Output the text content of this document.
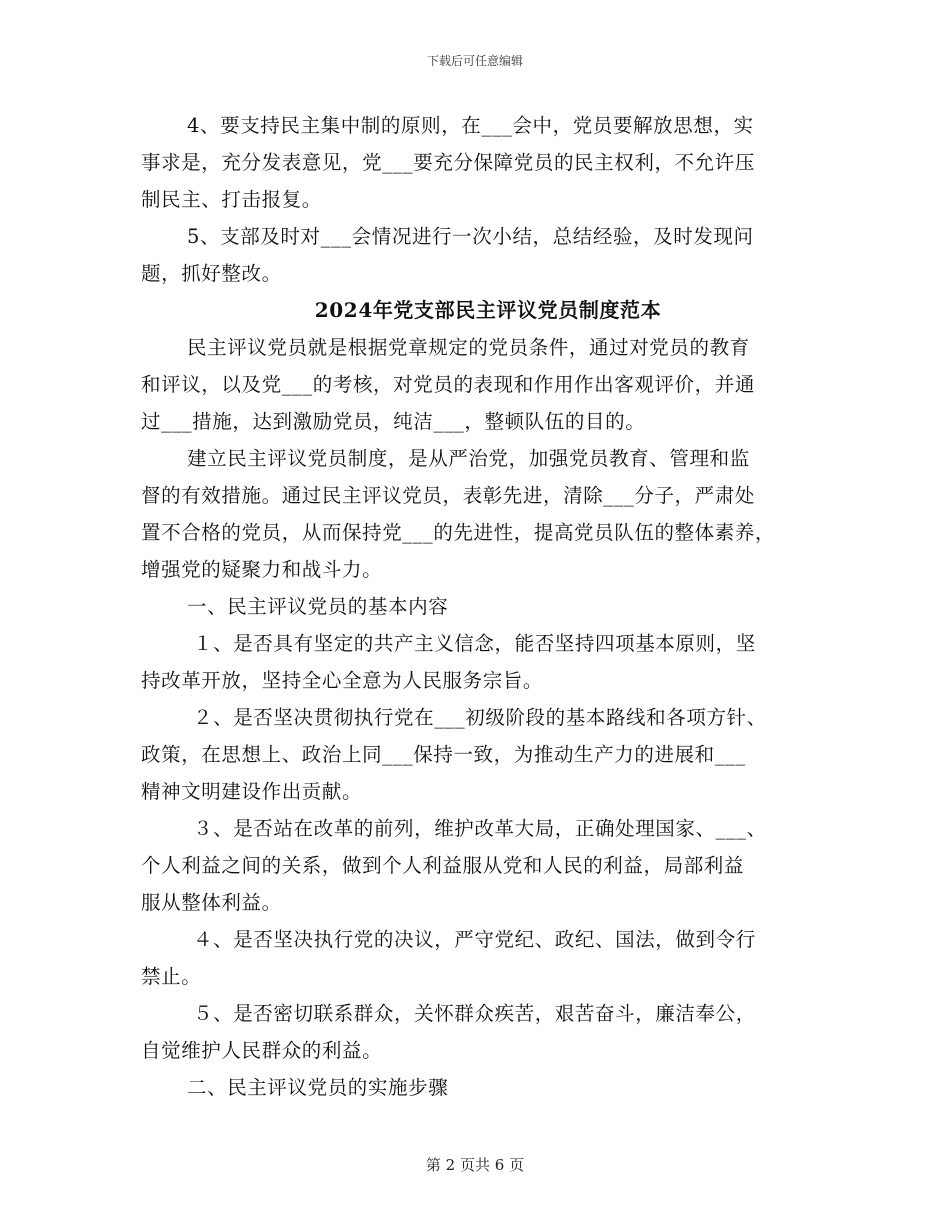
下载后可任意编辑
4、要支持民主集中制的原则，在___会中，党员要解放思想，实
事求是，充分发表意见，党___要充分保障党员的民主权利，不允许压
制民主、打击报复。
5、支部及时对___会情况进行一次小结，总结经验，及时发现问
题，抓好整改。
2024年党支部民主评议党员制度范本
民主评议党员就是根据党章规定的党员条件，通过对党员的教育
和评议，以及党___的考核，对党员的表现和作用作出客观评价，并通
过___措施，达到激励党员，纯洁___，整顿队伍的目的。
建立民主评议党员制度，是从严治党，加强党员教育、管理和监
督的有效措施。通过民主评议党员，表彰先进，清除___分子，严肃处
置不合格的党员，从而保持党___的先进性，提高党员队伍的整体素养，
增强党的疑聚力和战斗力。
一、民主评议党员的基本内容
１、是否具有坚定的共产主义信念，能否坚持四项基本原则，坚
持改革开放，坚持全心全意为人民服务宗旨。
２、是否坚决贯彻执行党在___初级阶段的基本路线和各项方针、
政策，在思想上、政治上同___保持一致，为推动生产力的进展和___
精神文明建设作出贡献。
３、是否站在改革的前列，维护改革大局，正确处理国家、___、
个人利益之间的关系，做到个人利益服从党和人民的利益，局部利益
服从整体利益。
４、是否坚决执行党的决议，严守党纪、政纪、国法，做到令行
禁止。
５、是否密切联系群众，关怀群众疾苦，艰苦奋斗，廉洁奉公，
自觉维护人民群众的利益。
二、民主评议党员的实施步骤
第 2 页共 6 页
